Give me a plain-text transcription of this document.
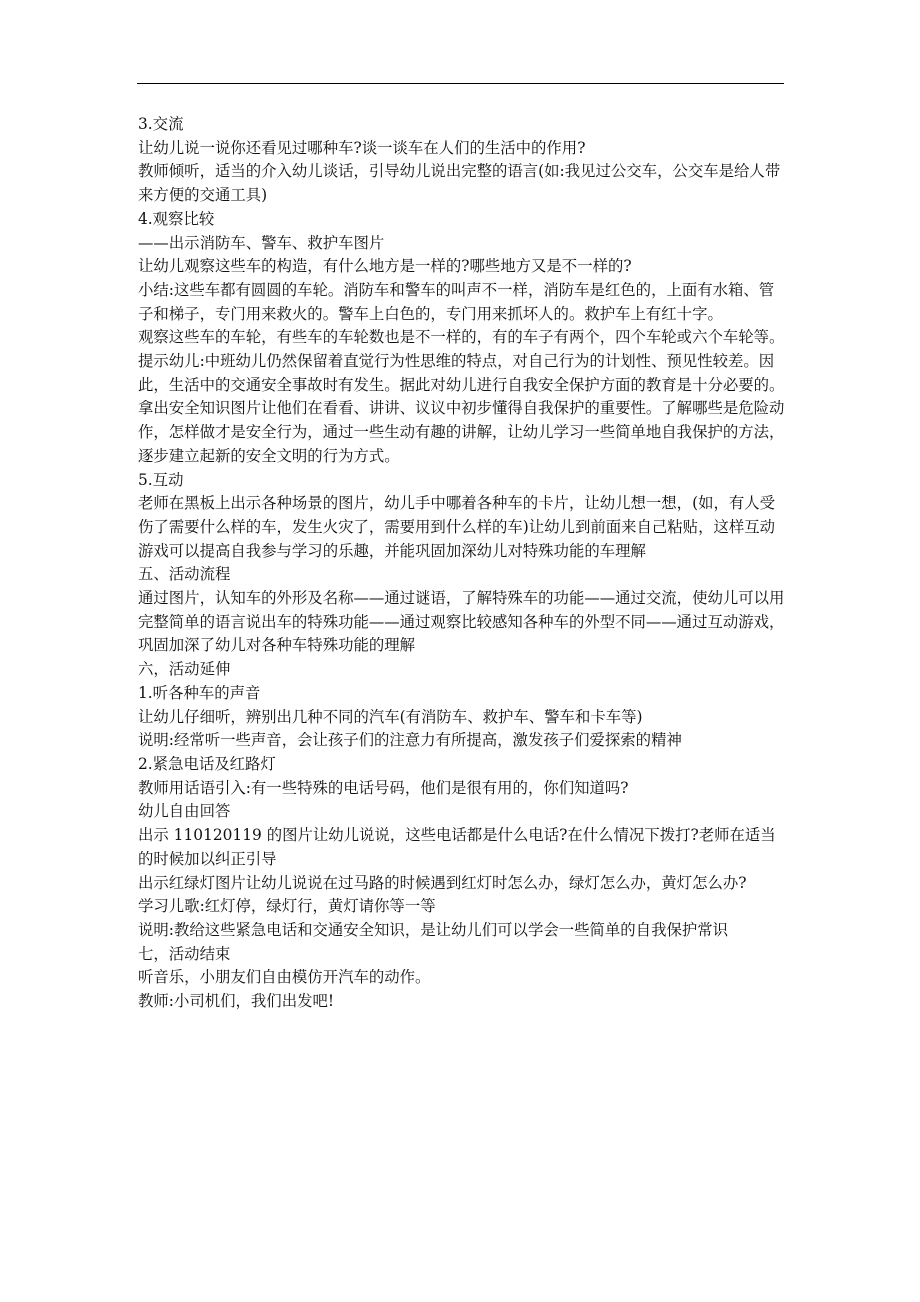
3.交流

让幼儿说一说你还看见过哪种车?谈一谈车在人们的生活中的作用?

教师倾听，适当的介入幼儿谈话，引导幼儿说出完整的语言(如:我见过公交车，公交车是给人带来方便的交通工具)

4.观察比较

——出示消防车、警车、救护车图片

让幼儿观察这些车的构造，有什么地方是一样的?哪些地方又是不一样的?

小结:这些车都有圆圆的车轮。消防车和警车的叫声不一样，消防车是红色的，上面有水箱、管子和梯子，专门用来救火的。警车上白色的，专门用来抓坏人的。救护车上有红十字。

观察这些车的车轮，有些车的车轮数也是不一样的，有的车子有两个，四个车轮或六个车轮等。

提示幼儿:中班幼儿仍然保留着直觉行为性思维的特点，对自己行为的计划性、预见性较差。因此，生活中的交通安全事故时有发生。据此对幼儿进行自我安全保护方面的教育是十分必要的。

拿出安全知识图片让他们在看看、讲讲、议议中初步懂得自我保护的重要性。了解哪些是危险动作，怎样做才是安全行为，通过一些生动有趣的讲解，让幼儿学习一些简单地自我保护的方法，逐步建立起新的安全文明的行为方式。

5.互动

老师在黑板上出示各种场景的图片，幼儿手中哪着各种车的卡片，让幼儿想一想，(如，有人受伤了需要什么样的车，发生火灾了，需要用到什么样的车)让幼儿到前面来自己粘贴，这样互动游戏可以提高自我参与学习的乐趣，并能巩固加深幼儿对特殊功能的车理解

五、活动流程

通过图片，认知车的外形及名称——通过谜语，了解特殊车的功能——通过交流，使幼儿可以用完整简单的语言说出车的特殊功能——通过观察比较感知各种车的外型不同——通过互动游戏，巩固加深了幼儿对各种车特殊功能的理解

六，活动延伸

1.听各种车的声音

让幼儿仔细听，辨别出几种不同的汽车(有消防车、救护车、警车和卡车等)

说明:经常听一些声音，会让孩子们的注意力有所提高，激发孩子们爱探索的精神

2.紧急电话及红路灯

教师用话语引入:有一些特殊的电话号码，他们是很有用的，你们知道吗?

幼儿自由回答

出示 110120119 的图片让幼儿说说，这些电话都是什么电话?在什么情况下拨打?老师在适当的时候加以纠正引导

出示红绿灯图片让幼儿说说在过马路的时候遇到红灯时怎么办，绿灯怎么办，黄灯怎么办?

学习儿歌:红灯停，绿灯行，黄灯请你等一等

说明:教给这些紧急电话和交通安全知识，是让幼儿们可以学会一些简单的自我保护常识

七，活动结束

听音乐，小朋友们自由模仿开汽车的动作。

教师:小司机们，我们出发吧!
